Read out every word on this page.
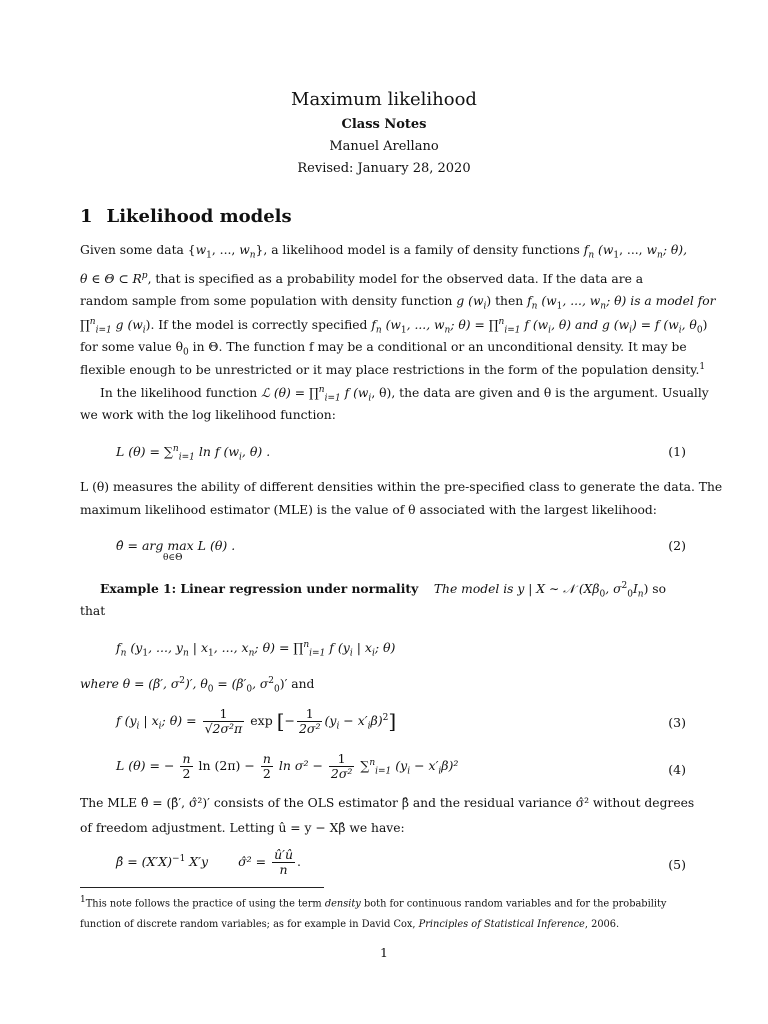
Maximum likelihood
Class Notes
Manuel Arellano
Revised: January 28, 2020
1 Likelihood models
Given some data {$w_1$, ..., $w_n$}, a likelihood model is a family of density functions $f_n$ ($w_1$, ..., $w_n$; θ),
θ ∈ Θ ⊂ $R^p$, that is specified as a probability model for the observed data. If the data are a
random sample from some population with density function g $(w_i)$ then $f_n$ ($w_1$, ..., $w_n$; θ) is a model for
∏$^n_{i=1}$ g $(w_i)$. If the model is correctly specified $f_n$ ($w_1$, ..., $w_n$; θ) = ∏$^n_{i=1}$ f ($w_i$, θ) and g $(w_i) = f$ ($w_i$, $\theta_0$)
for some value $\theta_0$ in Θ. The function f may be a conditional or an unconditional density. It may be
flexible enough to be unrestricted or it may place restrictions in the form of the population density.$^1$
In the likelihood function ℒ (θ) = ∏$^n_{i=1}$ f ($w_i$, θ), the data are given and θ is the argument. Usually
we work with the log likelihood function:
L (θ) = ∑$^n_{i=1}$ ln f ($w_i$, θ) .	(1)
L (θ) measures the ability of different densities within the pre-specified class to generate the data. The
maximum likelihood estimator (MLE) is the value of θ associated with the largest likelihood:
θ̂ = arg max L (θ) .
θ∈Θ
(2)
Example 1: Linear regression under normality The model is y | X ∼ 𝒩 ($X\beta_0$, $\sigma^2_0I_n$) so
that
$f_n$ ($y_1$, ..., $y_n$ | $x_1$, ..., $x_n$; θ) = ∏$^n_{i=1}$ f ($y_i$ | $x_i$; θ)
where θ = (β′, $\sigma^2)'$, $\theta_0 = (\beta'_0$, $\sigma^2_0)'$ and
f ($y_i$ | $x_i$; $\theta) = \frac{1}{\text{√2σ²π}}$ exp [− $\frac{1}{\text{2σ²}} (y_i - x'_i\beta)^2$]	(3)
L (θ) = − $\frac{n}{2}$ $\ln (2\pi) - \frac{n}{2}$ $\ln \sigma^2 - \frac{1}{\text{2σ²}} \sum^n_{i=1}$ $(y_i - x'_i\beta)^2$	(4)
The MLE θ̂ = (β̂′, σ̂²)′ consists of the OLS estimator β̂ and the residual variance σ̂² without degrees
of freedom adjustment. Letting û = y − Xβ̂ we have:
β̂ = $(X'X)^{-1}$ X′y σ̂² = $\frac{û'û}{n}$ .	(5)
$^1$This note follows the practice of using the term density both for continuous random variables and for the probability
function of discrete random variables; as for example in David Cox, Principles of Statistical Inference, 2006.
1
